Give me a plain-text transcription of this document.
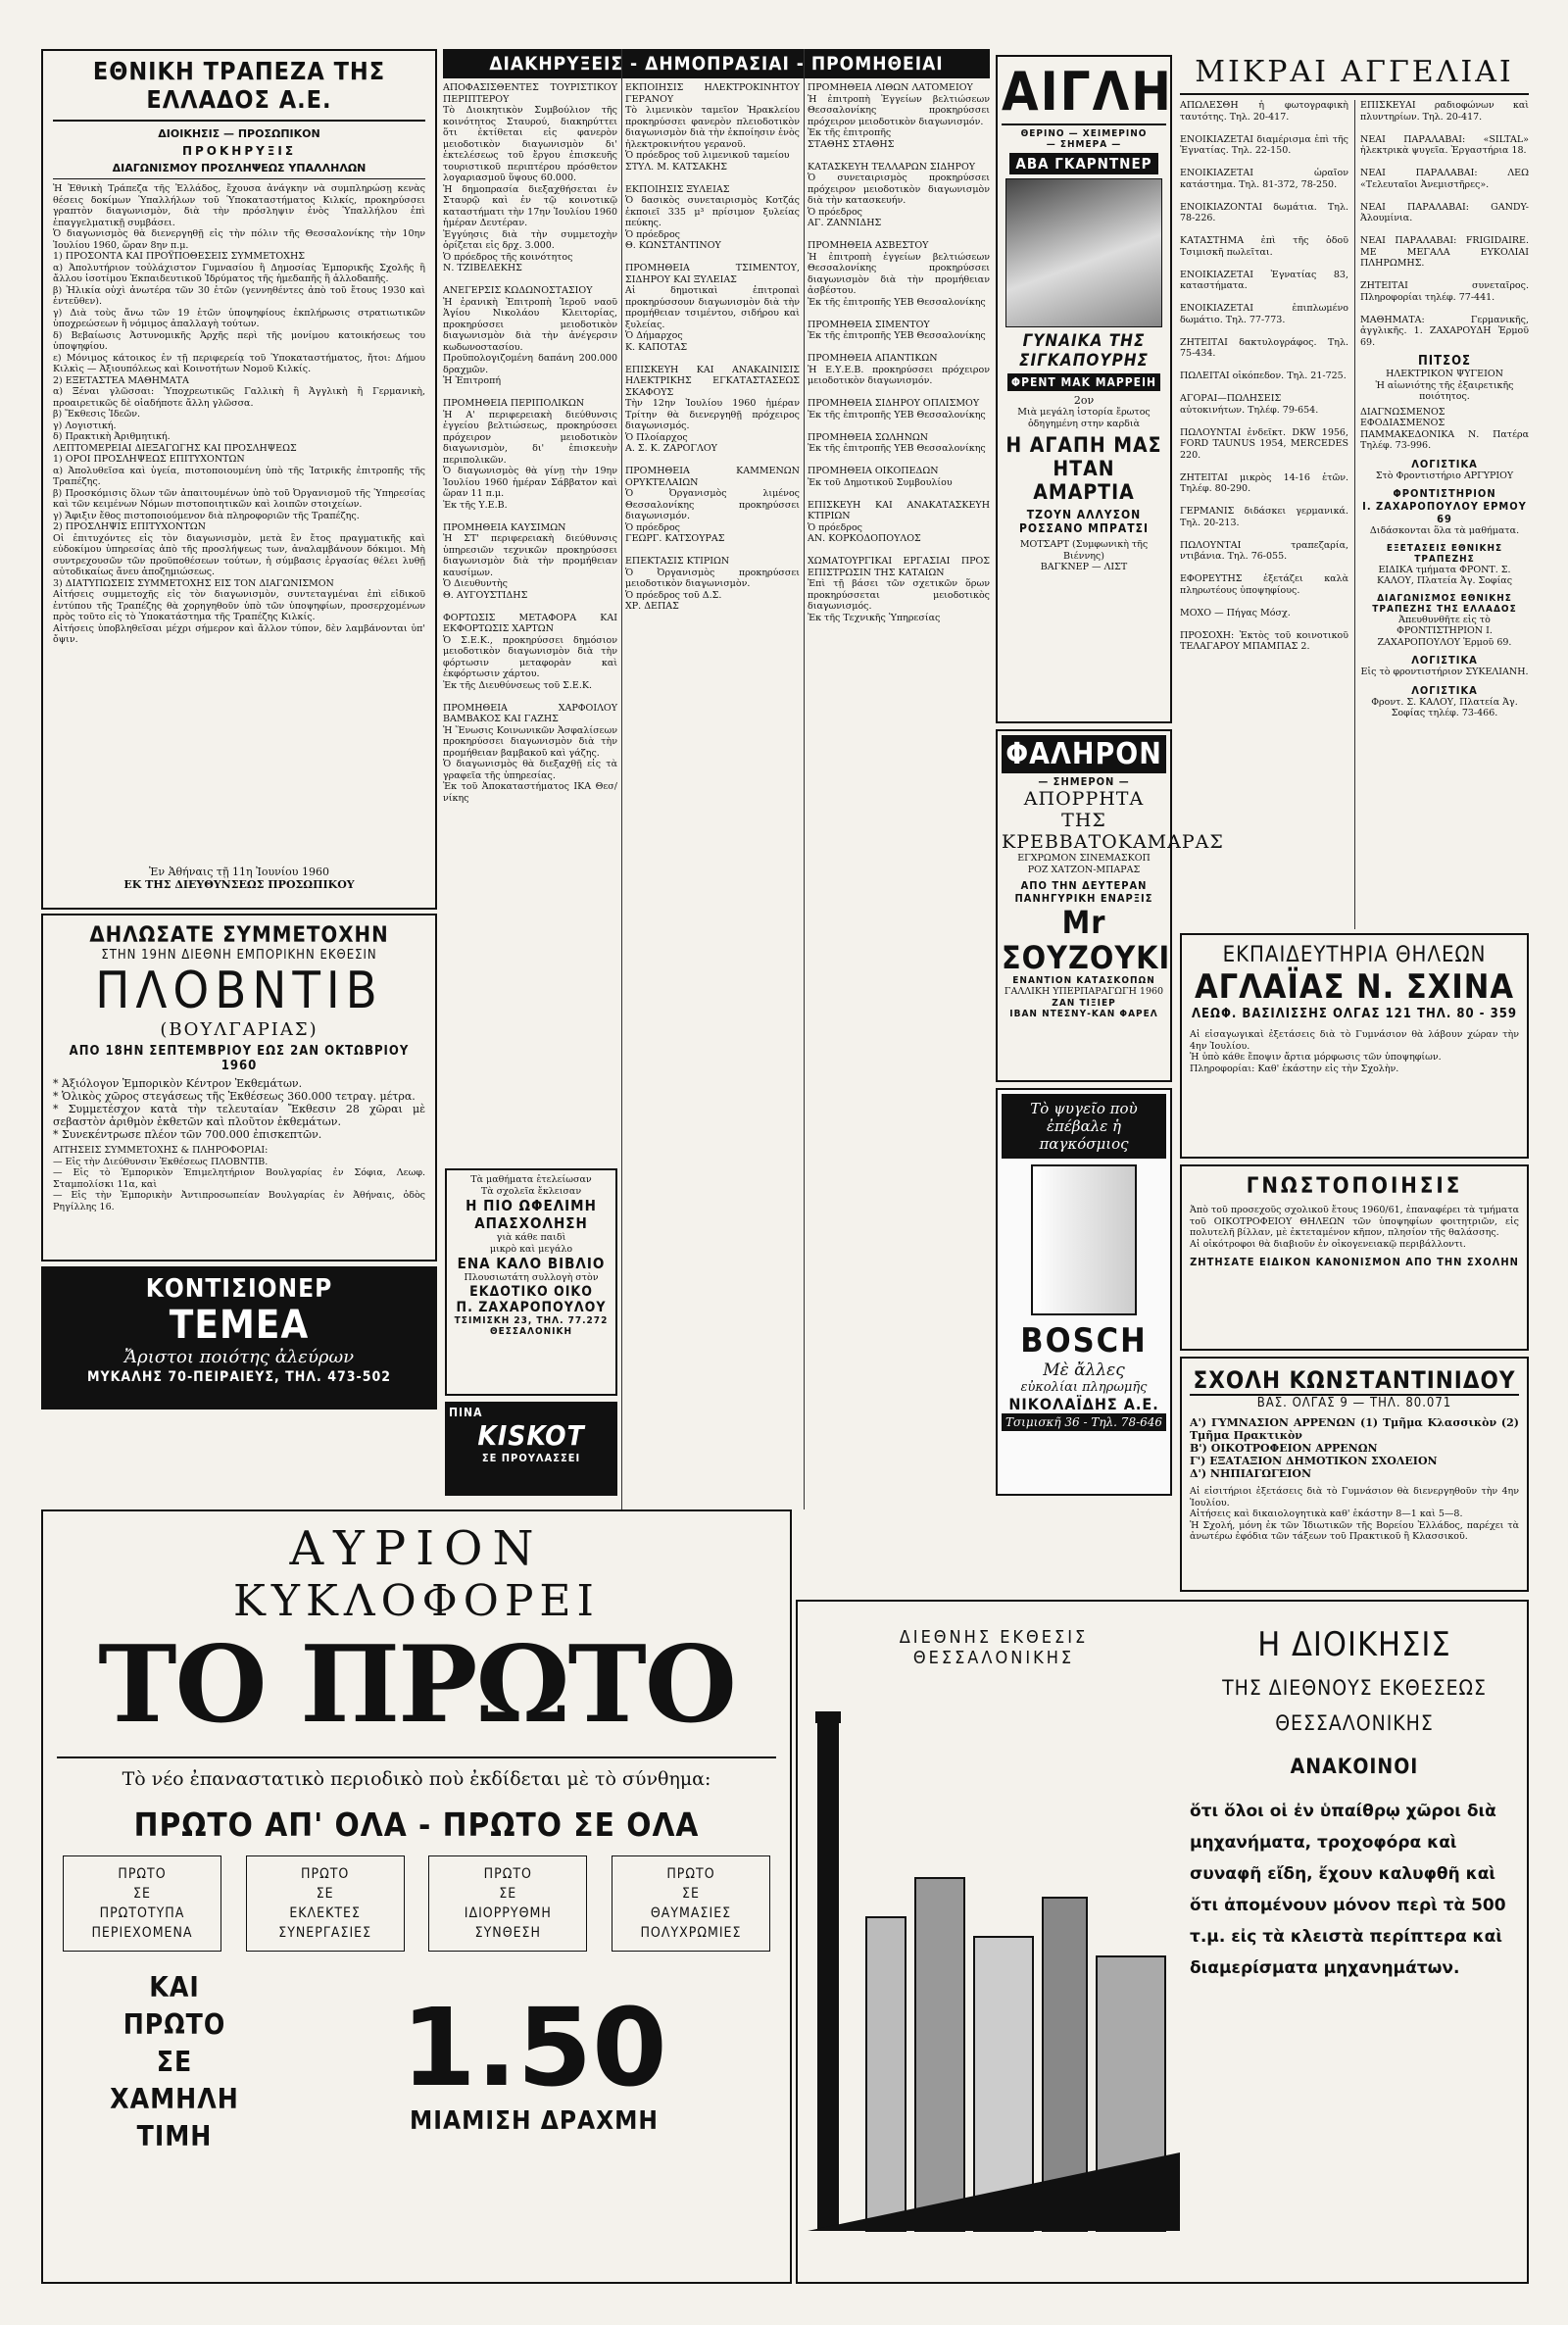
ΕΘΝΙΚΗ ΤΡΑΠΕΖΑ ΤΗΣ ΕΛΛΑΔΟΣ Α.Ε.
ΔΙΟΙΚΗΣΙΣ — ΠΡΟΣΩΠΙΚΟΝ
ΠΡΟΚΗΡΥΞΙΣ
ΔΙΑΓΩΝΙΣΜΟΥ ΠΡΟΣΛΗΨΕΩΣ ΥΠΑΛΛΗΛΩΝ
Ἡ Ἐθνικὴ Τράπεζα τῆς Ἑλλάδος, ἔχουσα ἀνάγκην νὰ συμπληρώσῃ κενὰς θέσεις δοκίμων Ὑπαλλήλων τοῦ Ὑποκαταστήματος Κιλκίς, προκηρύσσει γραπτὸν διαγωνισμὸν, διὰ τὴν πρόσληψιν ἑνὸς Ὑπαλλήλου ἐπὶ ἐπαγγελματικῇ συμβάσει.
Ὁ διαγωνισμὸς θὰ διενεργηθῇ εἰς τὴν πόλιν τῆς Θεσσαλονίκης τὴν 10ην Ἰουλίου 1960, ὥραν 8ην π.μ.
1) ΠΡΟΣΟΝΤΑ ΚΑΙ ΠΡΟΫΠΟΘΕΣΕΙΣ ΣΥΜΜΕΤΟΧΗΣ
α) Ἀπολυτήριον τοὐλάχιστον Γυμνασίου ἢ Δημοσίας Ἐμπορικῆς Σχολῆς ἢ ἄλλου ἰσοτίμου Ἐκπαιδευτικοῦ Ἱδρύματος τῆς ἡμεδαπῆς ἢ ἀλλοδαπῆς.
β) Ἡλικία οὐχὶ ἀνωτέρα τῶν 30 ἐτῶν (γεννηθέντες ἀπὸ τοῦ ἔτους 1930 καὶ ἐντεῦθεν).
γ) Διὰ τοὺς ἄνω τῶν 19 ἐτῶν ὑποψηφίους ἐκπλήρωσις στρατιωτικῶν ὑποχρεώσεων ἢ νόμιμος ἀπαλλαγὴ τούτων.
δ) Βεβαίωσις Ἀστυνομικῆς Ἀρχῆς περὶ τῆς μονίμου κατοικήσεως του ὑποψηφίου.
ε) Μόνιμος κάτοικος ἐν τῇ περιφερείᾳ τοῦ Ὑποκαταστήματος, ἤτοι: Δήμου Κιλκὶς — Ἀξιουπόλεως καὶ Κοινοτήτων Νομοῦ Κιλκίς.
2) ΕΞΕΤΑΣΤΕΑ ΜΑΘΗΜΑΤΑ
α) Ξέναι γλῶσσαι: Ὑποχρεωτικῶς Γαλλικὴ ἢ Ἀγγλικὴ ἢ Γερμανικὴ, προαιρετικῶς δὲ οἱαδήποτε ἄλλη γλῶσσα.
β) Ἔκθεσις Ἰδεῶν.
γ) Λογιστική.
δ) Πρακτικὴ Ἀριθμητική.
ΛΕΠΤΟΜΕΡΕΙΑΙ ΔΙΕΞΑΓΩΓΗΣ ΚΑΙ ΠΡΟΣΛΗΨΕΩΣ
1) ΟΡΟΙ ΠΡΟΣΛΗΨΕΩΣ ΕΠΙΤΥΧΟΝΤΩΝ
α) Ἀπολυθεῖσα καὶ ὑγεία, πιστοποιουμένη ὑπὸ τῆς Ἰατρικῆς ἐπιτροπῆς τῆς Τραπέζης.
β) Προσκόμισις ὅλων τῶν ἀπαιτουμένων ὑπὸ τοῦ Ὀργανισμοῦ τῆς Ὑπηρεσίας καὶ τῶν κειμένων Νόμων πιστοποιητικῶν καὶ λοιπῶν στοιχείων.
γ) Ἄφιξιν ἔθος πιστοποιούμενον διὰ πληροφοριῶν τῆς Τραπέζης.
2) ΠΡΟΣΛΗΨΙΣ ΕΠΙΤΥΧΟΝΤΩΝ
Οἱ ἐπιτυχόντες εἰς τὸν διαγωνισμὸν, μετὰ ἓν ἔτος πραγματικῆς καὶ εὐδοκίμου ὑπηρεσίας ἀπὸ τῆς προσλήψεως των, ἀναλαμβάνουν δόκιμοι. Μὴ συντρεχουσῶν τῶν προϋποθέσεων τούτων, ἡ σύμβασις ἐργασίας θέλει λυθῇ αὐτοδικαίως ἄνευ ἀποζημιώσεως.
3) ΔΙΑΤΥΠΩΣΕΙΣ ΣΥΜΜΕΤΟΧΗΣ ΕΙΣ ΤΟΝ ΔΙΑΓΩΝΙΣΜΟΝ
Αἰτήσεις συμμετοχῆς εἰς τὸν διαγωνισμὸν, συντεταγμέναι ἐπὶ εἰδικοῦ ἐντύπου τῆς Τραπέζης θὰ χορηγηθοῦν ὑπὸ τῶν ὑποψηφίων, προσερχομένων πρὸς τοῦτο εἰς τὸ Ὑποκατάστημα τῆς Τραπέζης Κιλκίς.
Αἰτήσεις ὑποβληθεῖσαι μέχρι σήμερον καὶ ἄλλον τύπον, δὲν λαμβάνονται ὑπ' ὄψιν.
Ἐν Ἀθήναις τῇ 11η Ἰουνίου 1960
ΕΚ ΤΗΣ ΔΙΕΥΘΥΝΣΕΩΣ ΠΡΟΣΩΠΙΚΟΥ
ΔΗΛΩΣΑΤΕ ΣΥΜΜΕΤΟΧΗΝ
ΣΤΗΝ 19ΗΝ ΔΙΕΘΝΗ ΕΜΠΟΡΙΚΗΝ ΕΚΘΕΣΙΝ
ΠΛΟΒΝΤΙΒ
(ΒΟΥΛΓΑΡΙΑΣ)
ΑΠΟ 18ΗΝ ΣΕΠΤΕΜΒΡΙΟΥ ΕΩΣ 2ΑΝ ΟΚΤΩΒΡΙΟΥ 1960
* Ἀξιόλογον Ἐμπορικὸν Κέντρον Ἐκθεμάτων.
* Ὁλικὸς χῶρος στεγάσεως τῆς Ἐκθέσεως 360.000 τετραγ. μέτρα.
* Συμμετέσχον κατὰ τὴν τελευταίαν Ἔκθεσιν 28 χῶραι μὲ σεβαστὸν ἀριθμὸν ἐκθετῶν καὶ πλοῦτον ἐκθεμάτων.
* Συνεκέντρωσε πλέον τῶν 700.000 ἐπισκεπτῶν.
ΑΙΤΗΣΕΙΣ ΣΥΜΜΕΤΟΧΗΣ & ΠΛΗΡΟΦΟΡΙΑΙ:
— Εἰς τὴν Διεύθυνσιν Ἐκθέσεως ΠΛΟΒΝΤΙΒ.
— Εἰς τὸ Ἐμπορικὸν Ἐπιμελητήριον Βουλγαρίας ἐν Σόφια, Λεωφ. Σταμπολίσκι 11α, καὶ
— Εἰς τὴν Ἐμπορικὴν Ἀντιπροσωπείαν Βουλγαρίας ἐν Ἀθήναις, ὁδὸς Ρηγίλλης 16.
ΚΟΝΤΙΣΙΟΝΕΡ
ΤΕΜΕΑ
Ἄριστοι ποιότης ἀλεύρων
ΜΥΚΑΛΗΣ 70-ΠΕΙΡΑΙΕΥΣ, ΤΗΛ. 473-502
ΔΙΑΚΗΡΥΞΕΙΣ - ΔΗΜΟΠΡΑΣΙΑΙ - ΠΡΟΜΗΘΕΙΑΙ
ΑΠΟΦΑΣΙΣΘΕΝΤΕΣ ΤΟΥΡΙΣΤΙΚΟΥ ΠΕΡΙΠΤΕΡΟΥ
Τὸ Διοικητικὸν Συμβούλιον τῆς κοινότητος Σταυρού, διακηρύττει ὅτι ἐκτίθεται εἰς φανερὸν μειοδοτικὸν διαγωνισμὸν δι' ἐκτελέσεως τοῦ ἔργου ἐπισκευῆς τουριστικοῦ περιπτέρου πρόσθετον λογαριασμοῦ ὕψους 60.000.
Ἡ δημοπρασία διεξαχθήσεται ἐν Σταυρῷ καὶ ἐν τῷ κοινοτικῷ καταστήματι τὴν 17ην Ἰουλίου 1960 ἡμέραν Δευτέραν.
Ἐγγύησις διὰ τὴν συμμετοχὴν ὁρίζεται εἰς δρχ. 3.000.
Ὁ πρόεδρος τῆς κοινότητος
Ν. ΤΖΙΒΕΛΕΚΗΣ

ΑΝΕΓΕΡΣΙΣ ΚΩΔΩΝΟΣΤΑΣΙΟΥ
Ἡ ἐρανικὴ Ἐπιτροπὴ Ἱεροῦ ναοῦ Ἁγίου Νικολάου Κλειτορίας, προκηρύσσει μειοδοτικὸν διαγωνισμὸν διὰ τὴν ἀνέγερσιν κωδωνοστασίου.
Προϋπολογιζομένη δαπάνη 200.000 δραχμῶν.
Ἡ Ἐπιτροπή

ΠΡΟΜΗΘΕΙΑ ΠΕΡΙΠΟΛΙΚΩΝ
Ἡ Α' περιφερειακὴ διεύθυνσις ἐγγείου βελτιώσεως, προκηρύσσει πρόχειρον μειοδοτικὸν διαγωνισμὸν, δι' ἐπισκευὴν περιπολικῶν.
Ὁ διαγωνισμὸς θὰ γίνῃ τὴν 19ην Ἰουλίου 1960 ἡμέραν Σάββατον καὶ ὥραν 11 π.μ.
Ἐκ τῆς Υ.Ε.Β.

ΠΡΟΜΗΘΕΙΑ ΚΑΥΣΙΜΩΝ
Ἡ ΣΤ' περιφερειακὴ διεύθυνσις ὑπηρεσιῶν τεχνικῶν προκηρύσσει διαγωνισμὸν διὰ τὴν προμήθειαν καυσίμων.
Ὁ Διευθυντὴς
Θ. ΑΥΓΟΥΣΤΙΔΗΣ

ΦΟΡΤΩΣΙΣ ΜΕΤΑΦΟΡΑ ΚΑΙ ΕΚΦΟΡΤΩΣΙΣ ΧΑΡΤΩΝ
Ὁ Σ.Ε.Κ., προκηρύσσει δημόσιον μειοδοτικὸν διαγωνισμὸν διὰ τὴν φόρτωσιν μεταφορὰν καὶ ἐκφόρτωσιν χάρτου.
Ἐκ τῆς Διευθύνσεως τοῦ Σ.Ε.Κ.

ΠΡΟΜΗΘΕΙΑ ΧΑΡΦΟΙΛΟΥ ΒΑΜΒΑΚΟΣ ΚΑΙ ΓΑΖΗΣ
Ἡ Ἕνωσις Κοινωνικῶν Ἀσφαλίσεων προκηρύσσει διαγωνισμὸν διὰ τὴν προμήθειαν βαμβακοῦ καὶ γάζης.
Ὁ διαγωνισμὸς θὰ διεξαχθῇ εἰς τὰ γραφεῖα τῆς ὑπηρεσίας.
Ἐκ τοῦ Ἀποκαταστήματος ΙΚΑ Θεσ/νίκης
ΕΚΠΟΙΗΣΙΣ ΗΛΕΚΤΡΟΚΙΝΗΤΟΥ ΓΕΡΑΝΟΥ
Τὸ λιμενικὸν ταμεῖον Ἠρακλείου προκηρύσσει φανερὸν πλειοδοτικὸν διαγωνισμὸν διὰ τὴν ἐκποίησιν ἑνὸς ἠλεκτροκινήτου γερανοῦ.
Ὁ πρόεδρος τοῦ λιμενικοῦ ταμείου
ΣΤΥΛ. Μ. ΚΑΤΣΑΚΗΣ

ΕΚΠΟΙΗΣΙΣ ΞΥΛΕΙΑΣ
Ὁ δασικὸς συνεταιρισμὸς Κοτζάς ἐκποιεῖ 335 μ³ πρίσιμον ξυλείας πεύκης.
Ὁ πρόεδρος
Θ. ΚΩΝΣΤΑΝΤΙΝΟΥ

ΠΡΟΜΗΘΕΙΑ ΤΣΙΜΕΝΤΟΥ, ΣΙΔΗΡΟΥ ΚΑΙ ΞΥΛΕΙΑΣ
Αἱ δημοτικαὶ ἐπιτροπαὶ προκηρύσσουν διαγωνισμὸν διὰ τὴν προμήθειαν τσιμέντου, σιδήρου καὶ ξυλείας.
Ὁ Δήμαρχος
Κ. ΚΑΠΟΤΑΣ

ΕΠΙΣΚΕΥΗ ΚΑΙ ΑΝΑΚΑΙΝΙΣΙΣ ΗΛΕΚΤΡΙΚΗΣ ΕΓΚΑΤΑΣΤΑΣΕΩΣ ΣΚΑΦΟΥΣ
Τὴν 12ην Ἰουλίου 1960 ἡμέραν Τρίτην θὰ διενεργηθῇ πρόχειρος διαγωνισμός.
Ὁ Πλοίαρχος
Α. Σ. Κ. ΖΑΡΟΓΛΟΥ

ΠΡΟΜΗΘΕΙΑ ΚΑΜΜΕΝΩΝ ΟΡΥΚΤΕΛΑΙΩΝ
Ὁ Ὀργανισμὸς λιμένος Θεσσαλονίκης προκηρύσσει διαγωνισμόν.
Ὁ πρόεδρος
ΓΕΩΡΓ. ΚΑΤΣΟΥΡΑΣ

ΕΠΕΚΤΑΣΙΣ ΚΤΙΡΙΩΝ
Ὁ Ὀργανισμὸς προκηρύσσει μειοδοτικὸν διαγωνισμὸν.
Ὁ πρόεδρος τοῦ Δ.Σ.
ΧΡ. ΔΕΠΑΣ
ΠΡΟΜΗΘΕΙΑ ΛΙΘΩΝ ΛΑΤΟΜΕΙΟΥ
Ἡ ἐπιτροπὴ Ἐγγείων βελτιώσεων Θεσσαλονίκης προκηρύσσει πρόχειρον μειοδοτικὸν διαγωνισμόν.
Ἐκ τῆς ἐπιτροπῆς
ΣΤΑΘΗΣ ΣΤΑΘΗΣ

ΚΑΤΑΣΚΕΥΗ ΤΕΛΛΑΡΩΝ ΣΙΔΗΡΟΥ
Ὁ συνεταιρισμὸς προκηρύσσει πρόχειρον μειοδοτικὸν διαγωνισμὸν διὰ τὴν κατασκευήν.
Ὁ πρόεδρος
ΑΓ. ΖΑΝΝΙΔΗΣ

ΠΡΟΜΗΘΕΙΑ ΑΣΒΕΣΤΟΥ
Ἡ ἐπιτροπὴ ἐγγείων βελτιώσεων Θεσσαλονίκης προκηρύσσει διαγωνισμὸν διὰ τὴν προμήθειαν ἀσβέστου.
Ἐκ τῆς ἐπιτροπῆς ΥΕΒ Θεσσαλονίκης

ΠΡΟΜΗΘΕΙΑ ΣΙΜΕΝΤΟΥ
Ἐκ τῆς ἐπιτροπῆς ΥΕΒ Θεσσαλονίκης

ΠΡΟΜΗΘΕΙΑ ΑΠΑΝΤΙΚΩΝ
Ἡ Ε.Υ.Ε.Β. προκηρύσσει πρόχειρον μειοδοτικὸν διαγωνισμόν.

ΠΡΟΜΗΘΕΙΑ ΣΙΔΗΡΟΥ ΟΠΛΙΣΜΟΥ
Ἐκ τῆς ἐπιτροπῆς ΥΕΒ Θεσσαλονίκης

ΠΡΟΜΗΘΕΙΑ ΣΩΛΗΝΩΝ
Ἐκ τῆς ἐπιτροπῆς ΥΕΒ Θεσσαλονίκης

ΠΡΟΜΗΘΕΙΑ ΟΙΚΟΠΕΔΩΝ
Ἐκ τοῦ Δημοτικοῦ Συμβουλίου

ΕΠΙΣΚΕΥΗ ΚΑΙ ΑΝΑΚΑΤΑΣΚΕΥΗ ΚΤΙΡΙΩΝ
Ὁ πρόεδρος
ΑΝ. ΚΟΡΚΟΔΟΠΟΥΛΟΣ

ΧΩΜΑΤΟΥΡΓΙΚΑΙ ΕΡΓΑΣΙΑΙ ΠΡΟΣ ΕΠΙΣΤΡΩΣΙΝ ΤΗΣ ΚΑΤΑΙΩΝ
Ἐπὶ τῇ βάσει τῶν σχετικῶν ὅρων προκηρύσσεται μειοδοτικὸς διαγωνισμός.
Ἐκ τῆς Τεχνικῆς Ὑπηρεσίας
Τὰ μαθήματα ἐτελείωσαν
Τὰ σχολεῖα ἔκλεισαν
Η ΠΙΟ ΩΦΕΛΙΜΗ
ΑΠΑΣΧΟΛΗΣΗ
γιὰ κάθε παιδὶ
μικρὸ καὶ μεγάλο
ΕΝΑ ΚΑΛΟ ΒΙΒΛΙΟ
Πλουσιωτάτη συλλογὴ στὸν
ΕΚΔΟΤΙΚΟ ΟΙΚΟ
Π. ΖΑΧΑΡΟΠΟΥΛΟΥ
ΤΣΙΜΙΣΚΗ 23, ΤΗΛ. 77.272
ΘΕΣΣΑΛΟΝΙΚΗ
ΠΙΝΑ
KISKOT
ΣΕ ΠΡΟΥΛΑΣΣΕΙ
ΑΙΓΛΗ
ΘΕΡΙΝΟ — ΧΕΙΜΕΡΙΝΟ
— ΣΗΜΕΡΑ —
ΑΒΑ ΓΚΑΡΝΤΝΕΡ
ΓΥΝΑΙΚΑ ΤΗΣ ΣΙΓΚΑΠΟΥΡΗΣ
ΦΡΕΝΤ ΜΑΚ ΜΑΡΡΕΙΗ
2ον
Μιὰ μεγάλη ἱστορία ἔρωτος ὀδηγημένη στην καρδιὰ
Η ΑΓΑΠΗ ΜΑΣ ΗΤΑΝ ΑΜΑΡΤΙΑ
ΤΖΟΥΝ ΑΛΛΥΣΟΝ
ΡΟΣΣΑΝΟ ΜΠΡΑΤΣΙ
ΜΟΤΣΑΡΤ (Συμφωνικὴ τῆς Βιέννης)
ΒΑΓΚΝΕΡ — ΛΙΣΤ
ΦΑΛΗΡΟΝ
— ΣΗΜΕΡΟΝ —
ΑΠΟΡΡΗΤΑ ΤΗΣ ΚΡΕΒΒΑΤΟΚΑΜΑΡΑΣ
ΕΓΧΡΩΜΟΝ ΣΙΝΕΜΑΣΚΟΠ
ΡΟΖ ΧΑΤΖΟΝ-ΜΠΑΡΑΣ
ΑΠΟ ΤΗΝ ΔΕΥΤΕΡΑΝ
ΠΑΝΗΓΥΡΙΚΗ ΕΝΑΡΞΙΣ
Μr ΣΟΥΖΟΥΚΙ
ΕΝΑΝΤΙΟΝ ΚΑΤΑΣΚΟΠΩΝ
ΓΑΛΛΙΚΗ ΥΠΕΡΠΑΡΑΓΩΓΗ 1960
ΖΑΝ ΤΙΞΙΕΡ
ΙΒΑΝ ΝΤΕΣΝΥ-ΚΑΝ ΦΑΡΕΛ
Τὸ ψυγεῖο ποὺ ἐπέβαλε ἡ παγκόσμιος
BOSCH
Μὲ ἄλλες
εὐκολίαι πληρωμῆς
ΝΙΚΟΛΑΪΔΗΣ Α.Ε.
Τσιμισκῆ 36 - Τηλ. 78-646
ΜΙΚΡΑΙ ΑΓΓΕΛΙΑΙ
ΑΠΩΛΕΣΘΗ ἡ φωτογραφικὴ ταυτότης. Τηλ. 20-417.

ΕΝΟΙΚΙΑΖΕΤΑΙ διαμέρισμα ἐπὶ τῆς Ἐγνατίας. Τηλ. 22-150.

ΕΝΟΙΚΙΑΖΕΤΑΙ ὡραῖον κατάστημα. Τηλ. 81-372, 78-250.

ΕΝΟΙΚΙΑΖΟΝΤΑΙ δωμάτια. Τηλ. 78-226.

ΚΑΤΑΣΤΗΜΑ ἐπὶ τῆς ὁδοῦ Τσιμισκῆ πωλεῖται.

ΕΝΟΙΚΙΑΖΕΤΑΙ Ἐγνατίας 83, καταστήματα.

ΕΝΟΙΚΙΑΖΕΤΑΙ ἐπιπλωμένο δωμάτιο. Τηλ. 77-773.

ΖΗΤΕΙΤΑΙ δακτυλογράφος. Τηλ. 75-434.

ΠΩΛΕΙΤΑΙ οἰκόπεδον. Τηλ. 21-725.

ΑΓΟΡΑΙ—ΠΩΛΗΣΕΙΣ αὐτοκινήτων. Τηλέφ. 79-654.

ΠΩΛΟΥΝΤΑΙ ἐνδεῖκτ. DKW 1956, FORD TAUNUS 1954, MERCEDES 220.

ΖΗΤΕΙΤΑΙ μικρὸς 14-16 ἐτῶν. Τηλέφ. 80-290.

ΓΕΡΜΑΝΙΣ διδάσκει γερμανικά. Τηλ. 20-213.

ΠΩΛΟΥΝΤΑΙ τραπεζαρία, ντιβάνια. Τηλ. 76-055.

ΕΦΟΡΕΥΤΗΣ ἐξετάζει καλὰ πληρωτέους ὑποψηφίους.

ΜΟΧΟ — Πήγας Μόσχ.

ΠΡΟΣΟΧΗ: Ἐκτὸς τοῦ κοινοτικοῦ ΤΕΛΑΓΑΡΟΥ ΜΠΑΜΠΑΣ 2.
ΕΠΙΣΚΕΥΑΙ ραδιοφώνων καὶ πλυντηρίων. Τηλ. 20-417.

ΝΕΑΙ ΠΑΡΑΛΑΒΑΙ: «SILTAL» ἠλεκτρικὰ ψυγεῖα. Ἐργαστήρια 18.

ΝΕΑΙ ΠΑΡΑΛΑΒΑΙ: ΛΕΩ «Τελευταῖοι Ἀνεμιστῆρες».

ΝΕΑΙ ΠΑΡΑΛΑΒΑΙ: GANDY-Ἀλουμίνια.

ΝΕΑΙ ΠΑΡΑΛΑΒΑΙ: FRIGIDAIRE. ΜΕ ΜΕΓΑΛΑ ΕΥΚΟΛΙΑΙ ΠΛΗΡΩΜΗΣ.

ΖΗΤΕΙΤΑΙ συνεταῖρος. Πληροφορίαι τηλέφ. 77-441.

ΜΑΘΗΜΑΤΑ: Γερμανικῆς, ἀγγλικῆς. 1. ΖΑΧΑΡΟΥΔΗ Ἑρμοῦ 69.
ΠΙΤΣΟΣ
ΗΛΕΚΤΡΙΚΟΝ ΨΥΓΕΙΟΝ
Ἡ αἰωνιότης τῆς ἐξαιρετικῆς ποιότητος.
ΔΙΑΓΝΩΣΜΕΝΟΣ ΕΦΟΔΙΑΣΜΕΝΟΣ
ΠΑΜΜΑΚΕΔΟΝΙΚΑ Ν. Πατέρα Τηλέφ. 73-996.
ΛΟΓΙΣΤΙΚΑ
Στὸ Φροντιστήριο ΑΡΓΥΡΙΟΥ
ΦΡΟΝΤΙΣΤΗΡΙΟΝ
Ι. ΖΑΧΑΡΟΠΟΥΛΟΥ ΕΡΜΟΥ 69
Διδάσκονται ὅλα τὰ μαθήματα.
ΕΞΕΤΑΣΕΙΣ ΕΘΝΙΚΗΣ ΤΡΑΠΕΖΗΣ
ΕΙΔΙΚΑ τμήματα ΦΡΟΝΤ. Σ. ΚΑΛΟΥ, Πλατεία Ἀγ. Σοφίας
ΔΙΑΓΩΝΙΣΜΟΣ ΕΘΝΙΚΗΣ ΤΡΑΠΕΖΗΣ ΤΗΣ ΕΛΛΑΔΟΣ
Ἀπευθυνθῆτε εἰς τὸ ΦΡΟΝΤΙΣΤΗΡΙΟΝ Ι. ΖΑΧΑΡΟΠΟΥΛΟΥ Ἑρμοῦ 69.
ΛΟΓΙΣΤΙΚΑ
Εἰς τὸ φροντιστήριον ΣΥΚΕΛΙΑΝΗ.
ΛΟΓΙΣΤΙΚΑ
Φροντ. Σ. ΚΑΛΟΥ, Πλατεία Ἀγ. Σοφίας τηλέφ. 73-466.
ΕΚΠΑΙΔΕΥΤΗΡΙΑ ΘΗΛΕΩΝ
ΑΓΛΑΪΑΣ Ν. ΣΧΙΝΑ
ΛΕΩΦ. ΒΑΣΙΛΙΣΣΗΣ ΟΛΓΑΣ 121 ΤΗΛ. 80 - 359
Αἱ εἰσαγωγικαὶ ἐξετάσεις διὰ τὸ Γυμνάσιον θὰ λάβουν χώραν τὴν 4ην Ἰουλίου.
Ἡ ὑπὸ κάθε ἔποψιν ἄρτια μόρφωσις τῶν ὑποψηφίων.
Πληροφορίαι: Καθ' ἑκάστην εἰς τὴν Σχολὴν.
ΓΝΩΣΤΟΠΟΙΗΣΙΣ
Ἀπὸ τοῦ προσεχοῦς σχολικοῦ ἔτους 1960/61, ἐπαναφέρει τὰ τμήματα τοῦ ΟΙΚΟΤΡΟΦΕΙΟΥ ΘΗΛΕΩΝ τῶν ὑποψηφίων φοιτητριῶν, εἰς πολυτελῆ βίλλαν, μὲ ἐκτεταμένον κῆπον, πλησίον τῆς θαλάσσης.
Αἱ οἰκότροφοι θὰ διαβιοῦν ἐν οἰκογενειακῷ περιβάλλοντι.
ΖΗΤΗΣΑΤΕ ΕΙΔΙΚΟΝ ΚΑΝΟΝΙΣΜΟΝ ΑΠΟ ΤΗΝ ΣΧΟΛΗΝ
ΣΧΟΛΗ ΚΩΝΣΤΑΝΤΙΝΙΔΟΥ
ΒΑΣ. ΟΛΓΑΣ 9 — ΤΗΛ. 80.071
Α') ΓΥΜΝΑΣΙΟΝ ΑΡΡΕΝΩΝ (1) Τμῆμα Κλασσικὸν (2) Τμῆμα Πρακτικὸν
Β') ΟΙΚΟΤΡΟΦΕΙΟΝ ΑΡΡΕΝΩΝ
Γ') ΕΞΑΤΑΞΙΟΝ ΔΗΜΟΤΙΚΟΝ ΣΧΟΛΕΙΟΝ
Δ') ΝΗΠΙΑΓΩΓΕΙΟΝ
Αἱ εἰσιτήριοι ἐξετάσεις διὰ τὸ Γυμνάσιον θὰ διενεργηθοῦν τὴν 4ην Ἰουλίου.
Αἰτήσεις καὶ δικαιολογητικὰ καθ' ἑκάστην 8—1 καὶ 5—8.
Ἡ Σχολή, μόνη ἐκ τῶν Ἰδιωτικῶν τῆς Βορείου Ἑλλάδος, παρέχει τὰ ἀνωτέρω ἐφόδια τῶν τάξεων τοῦ Πρακτικοῦ ἢ Κλασσικοῦ.
ΑΥΡΙΟΝ
ΚΥΚΛΟΦΟΡΕΙ
ΤΟ ΠΡΩΤΟ
Τὸ νέο ἐπαναστατικὸ περιοδικὸ ποὺ ἐκδίδεται μὲ τὸ σύνθημα:
ΠΡΩΤΟ ΑΠ' ΟΛΑ - ΠΡΩΤΟ ΣΕ ΟΛΑ
ΠΡΩΤΟ
ΣΕ
ΠΡΩΤΟΤΥΠΑ
ΠΕΡΙΕΧΟΜΕΝΑ
ΠΡΩΤΟ
ΣΕ
ΕΚΛΕΚΤΕΣ
ΣΥΝΕΡΓΑΣΙΕΣ
ΠΡΩΤΟ
ΣΕ
ΙΔΙΟΡΡΥΘΜΗ
ΣΥΝΘΕΣΗ
ΠΡΩΤΟ
ΣΕ
ΘΑΥΜΑΣΙΕΣ
ΠΟΛΥΧΡΩΜΙΕΣ
ΚΑΙ
ΠΡΩΤΟ
ΣΕ
ΧΑΜΗΛΗ
ΤΙΜΗ
1.50
ΜΙΑΜΙΣΗ ΔΡΑΧΜΗ
ΔΙΕΘΝΗΣ ΕΚΘΕΣΙΣ
ΘΕΣΣΑΛΟΝΙΚΗΣ	Η ΔΙΟΙΚΗΣΙΣ
ΤΗΣ ΔΙΕΘΝΟΥΣ ΕΚΘΕΣΕΩΣ
ΘΕΣΣΑΛΟΝΙΚΗΣ
ΑΝΑΚΟΙΝΟΙ
ὅτι ὅλοι οἱ ἐν ὑπαίθρῳ χῶροι διὰ μηχανήματα, τροχοφόρα καὶ συναφῆ εἴδη, ἔχουν καλυφθῆ καὶ ὅτι ἀπομένουν μόνον περὶ τὰ 500 τ.μ. εἰς τὰ κλειστὰ περίπτερα καὶ διαμερίσματα μηχανημάτων.
